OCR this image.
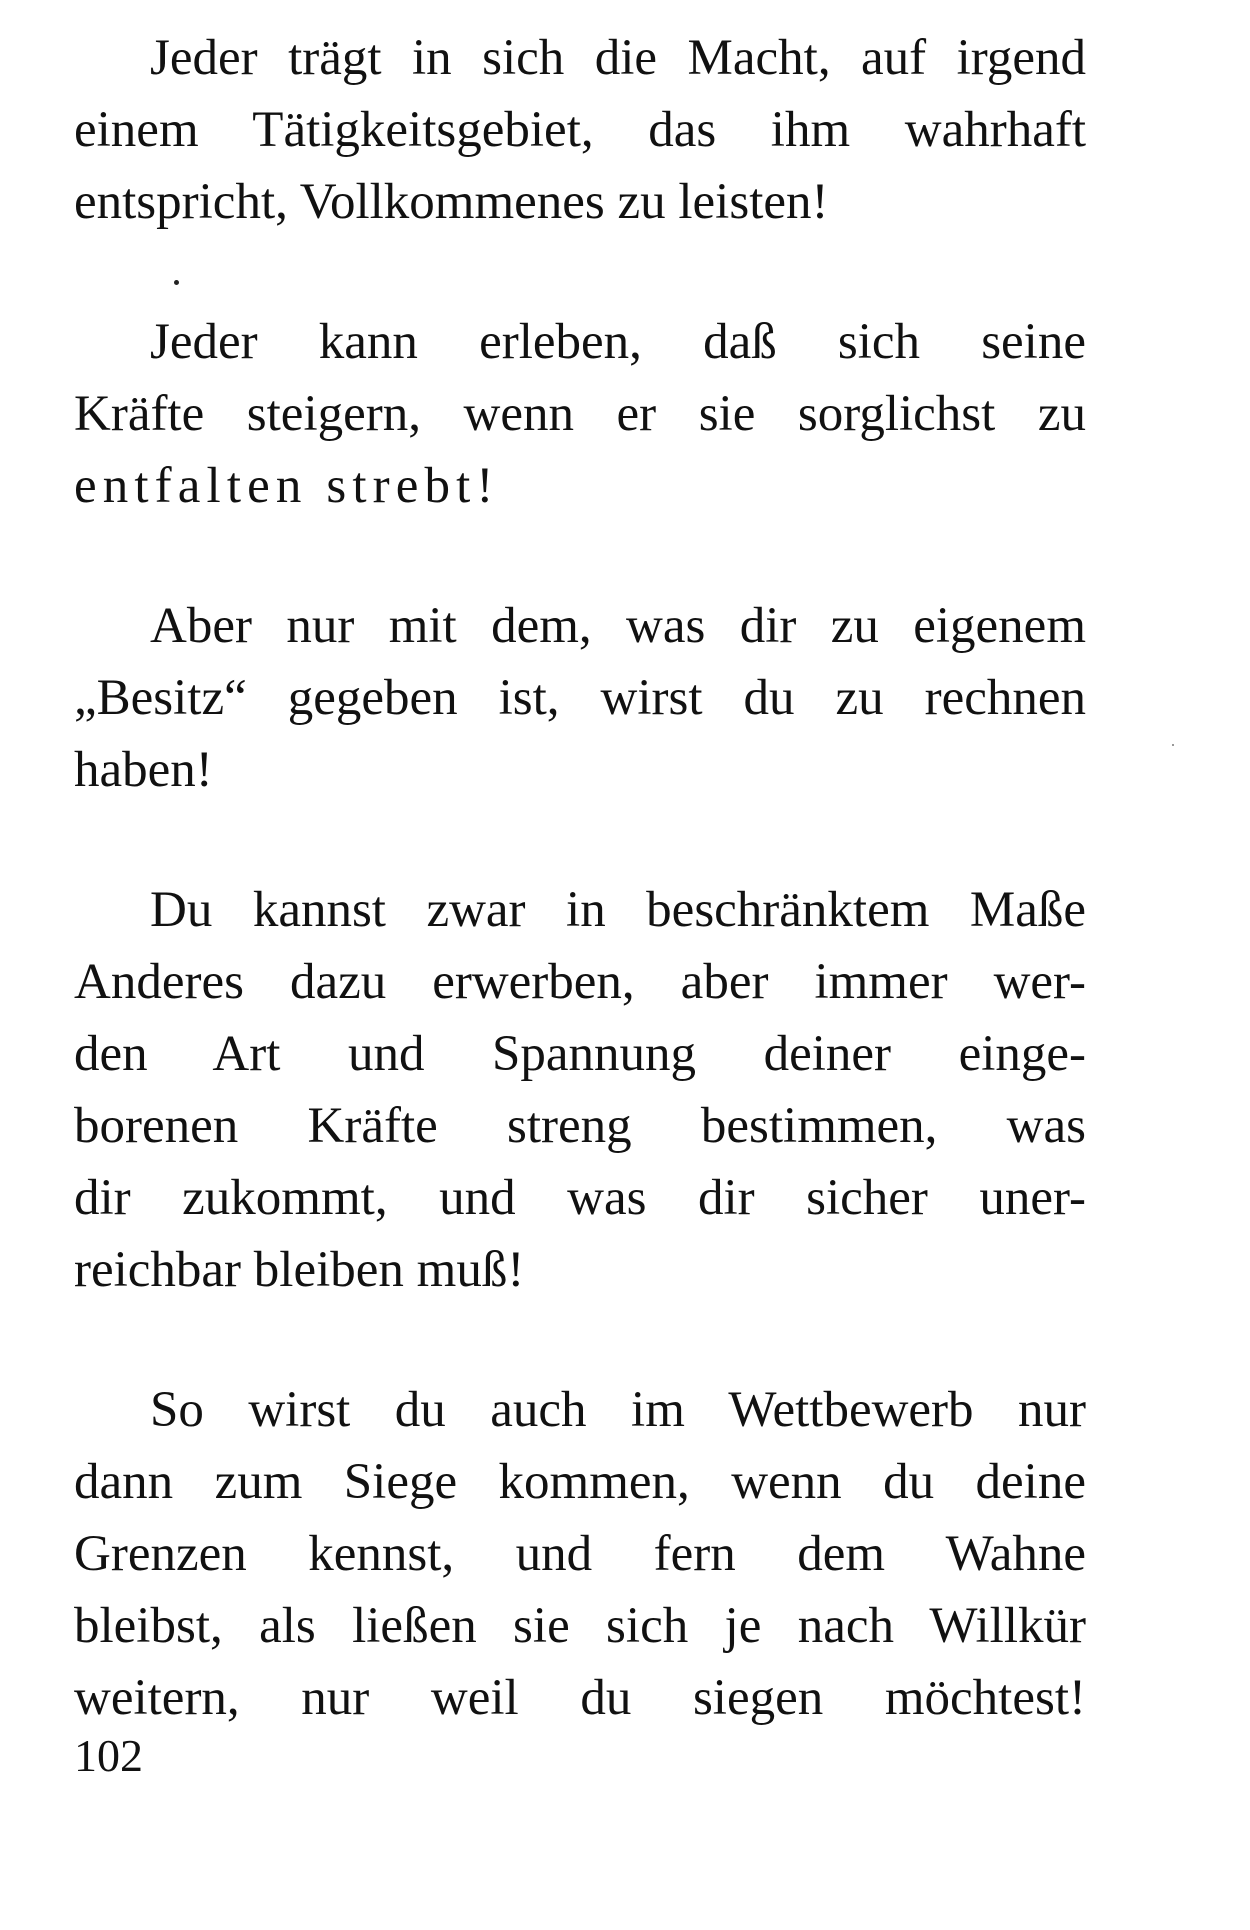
Jeder trägt in sich die Macht, auf irgend
einem Tätigkeitsgebiet, das ihm wahrhaft
entspricht, Vollkommenes zu leisten!

Jeder kann erleben, daß sich seine
Kräfte steigern, wenn er sie sorglichst zu
entfalten strebt!

Aber nur mit dem, was dir zu eigenem
„Besitz“ gegeben ist, wirst du zu rechnen
haben!

Du kannst zwar in beschränktem Maße
Anderes dazu erwerben, aber immer wer-
den Art und Spannung deiner einge-
borenen Kräfte streng bestimmen, was
dir zukommt, und was dir sicher uner-
reichbar bleiben muß!

So wirst du auch im Wettbewerb nur
dann zum Siege kommen, wenn du deine
Grenzen kennst, und fern dem Wahne
bleibst, als ließen sie sich je nach Willkür
weitern, nur weil du siegen möchtest!

102
